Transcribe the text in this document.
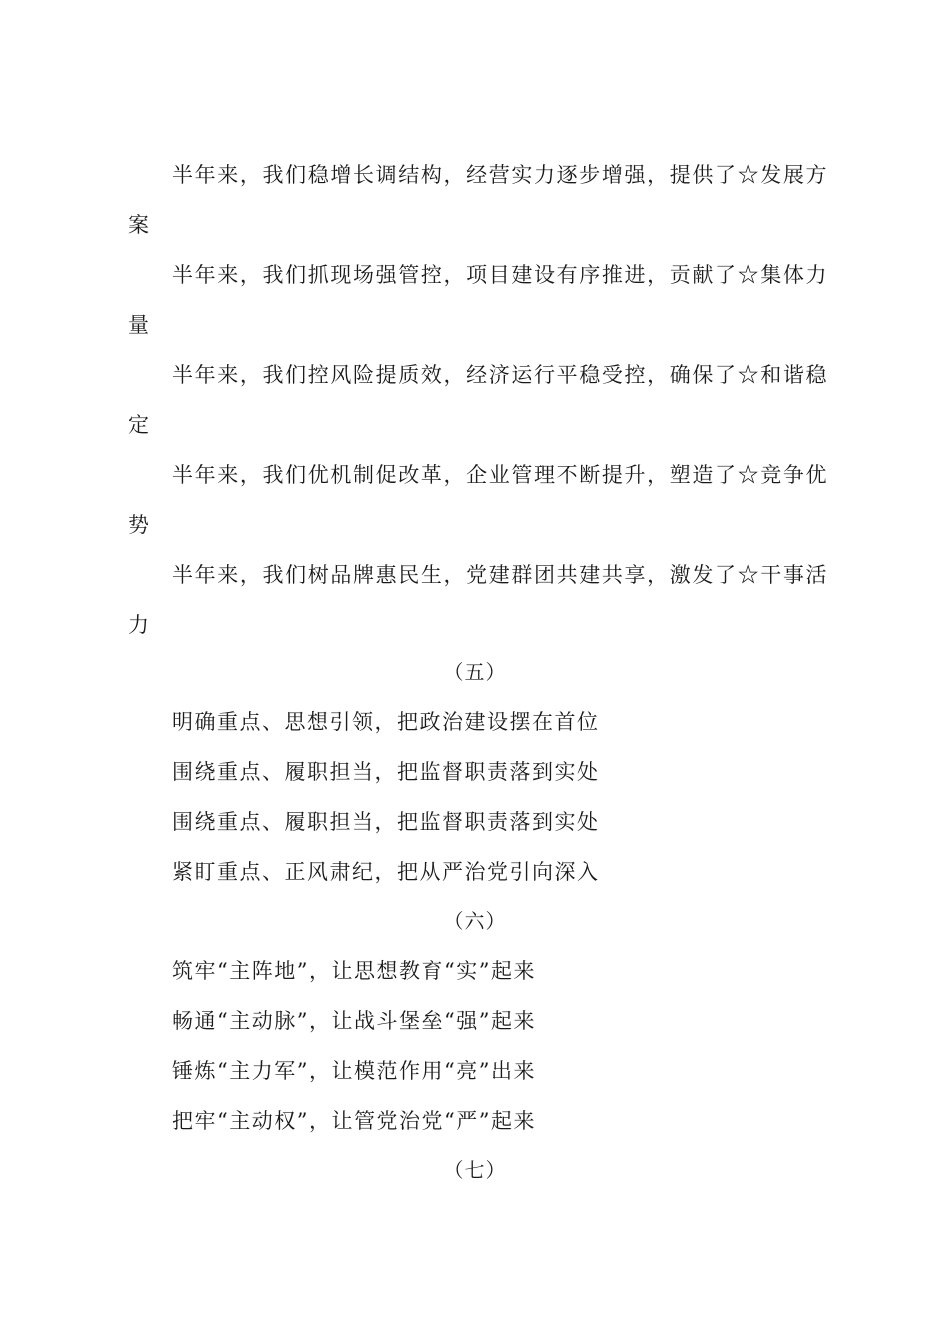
半年来，我们稳增长调结构，经营实力逐步增强，提供了☆发展方案
半年来，我们抓现场强管控，项目建设有序推进，贡献了☆集体力量
半年来，我们控风险提质效，经济运行平稳受控，确保了☆和谐稳定
半年来，我们优机制促改革，企业管理不断提升，塑造了☆竞争优势
半年来，我们树品牌惠民生，党建群团共建共享，激发了☆干事活力
（五）
明确重点、思想引领，把政治建设摆在首位
围绕重点、履职担当，把监督职责落到实处
围绕重点、履职担当，把监督职责落到实处
紧盯重点、正风肃纪，把从严治党引向深入
（六）
筑牢“主阵地”，让思想教育“实”起来
畅通“主动脉”，让战斗堡垒“强”起来
锤炼“主力军”，让模范作用“亮”出来
把牢“主动权”，让管党治党“严”起来
（七）
